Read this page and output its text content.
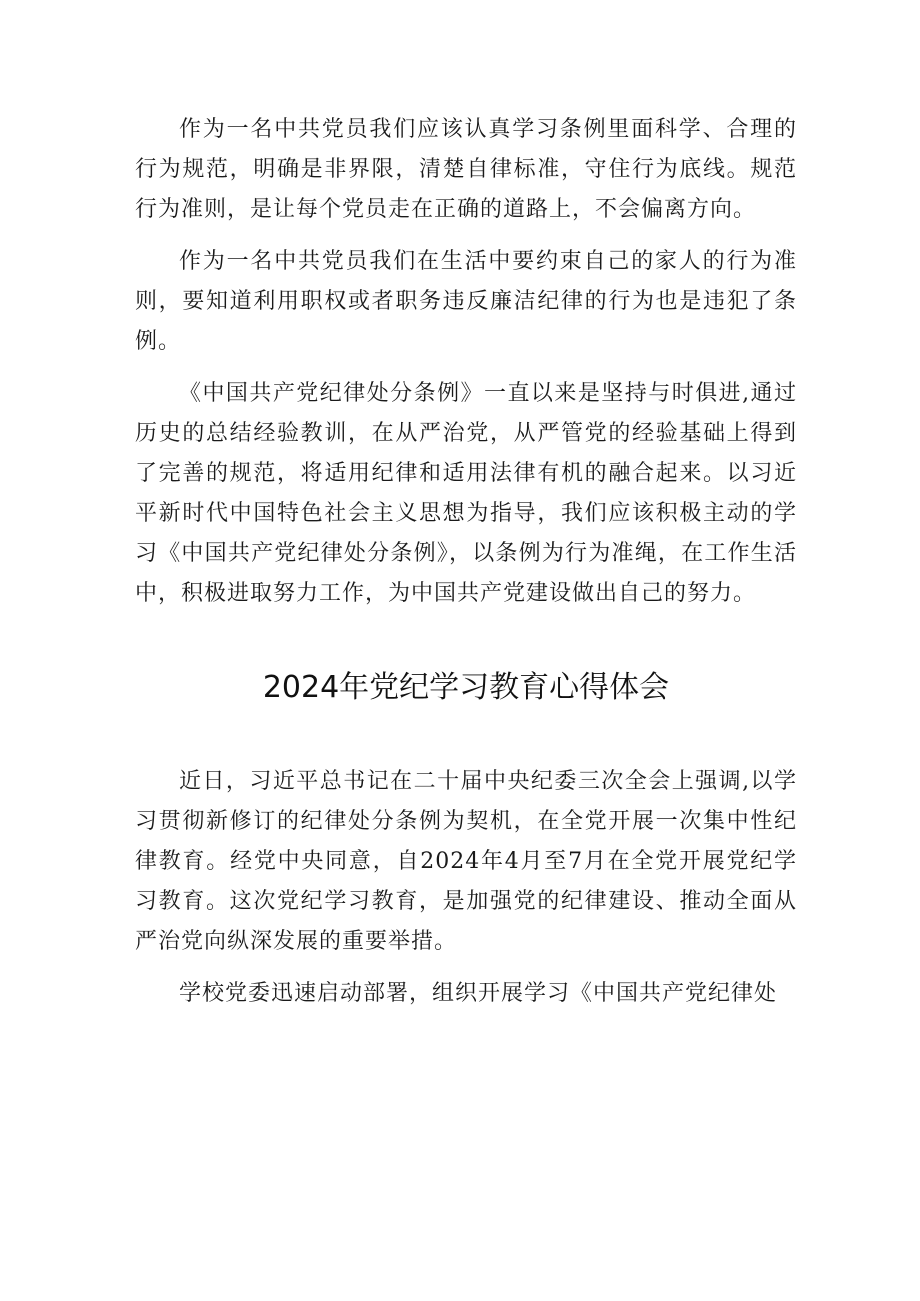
作为一名中共党员我们应该认真学习条例里面科学、合理的行为规范，明确是非界限，清楚自律标准，守住行为底线。规范行为准则，是让每个党员走在正确的道路上，不会偏离方向。

作为一名中共党员我们在生活中要约束自己的家人的行为准则，要知道利用职权或者职务违反廉洁纪律的行为也是违犯了条例。

《中国共产党纪律处分条例》一直以来是坚持与时俱进,通过历史的总结经验教训，在从严治党，从严管党的经验基础上得到了完善的规范，将适用纪律和适用法律有机的融合起来。以习近平新时代中国特色社会主义思想为指导，我们应该积极主动的学习《中国共产党纪律处分条例》，以条例为行为准绳，在工作生活中，积极进取努力工作，为中国共产党建设做出自己的努力。

2024年党纪学习教育心得体会

近日，习近平总书记在二十届中央纪委三次全会上强调,以学习贯彻新修订的纪律处分条例为契机，在全党开展一次集中性纪律教育。经党中央同意，自2024年4月至7月在全党开展党纪学习教育。这次党纪学习教育，是加强党的纪律建设、推动全面从严治党向纵深发展的重要举措。

学校党委迅速启动部署，组织开展学习《中国共产党纪律处
